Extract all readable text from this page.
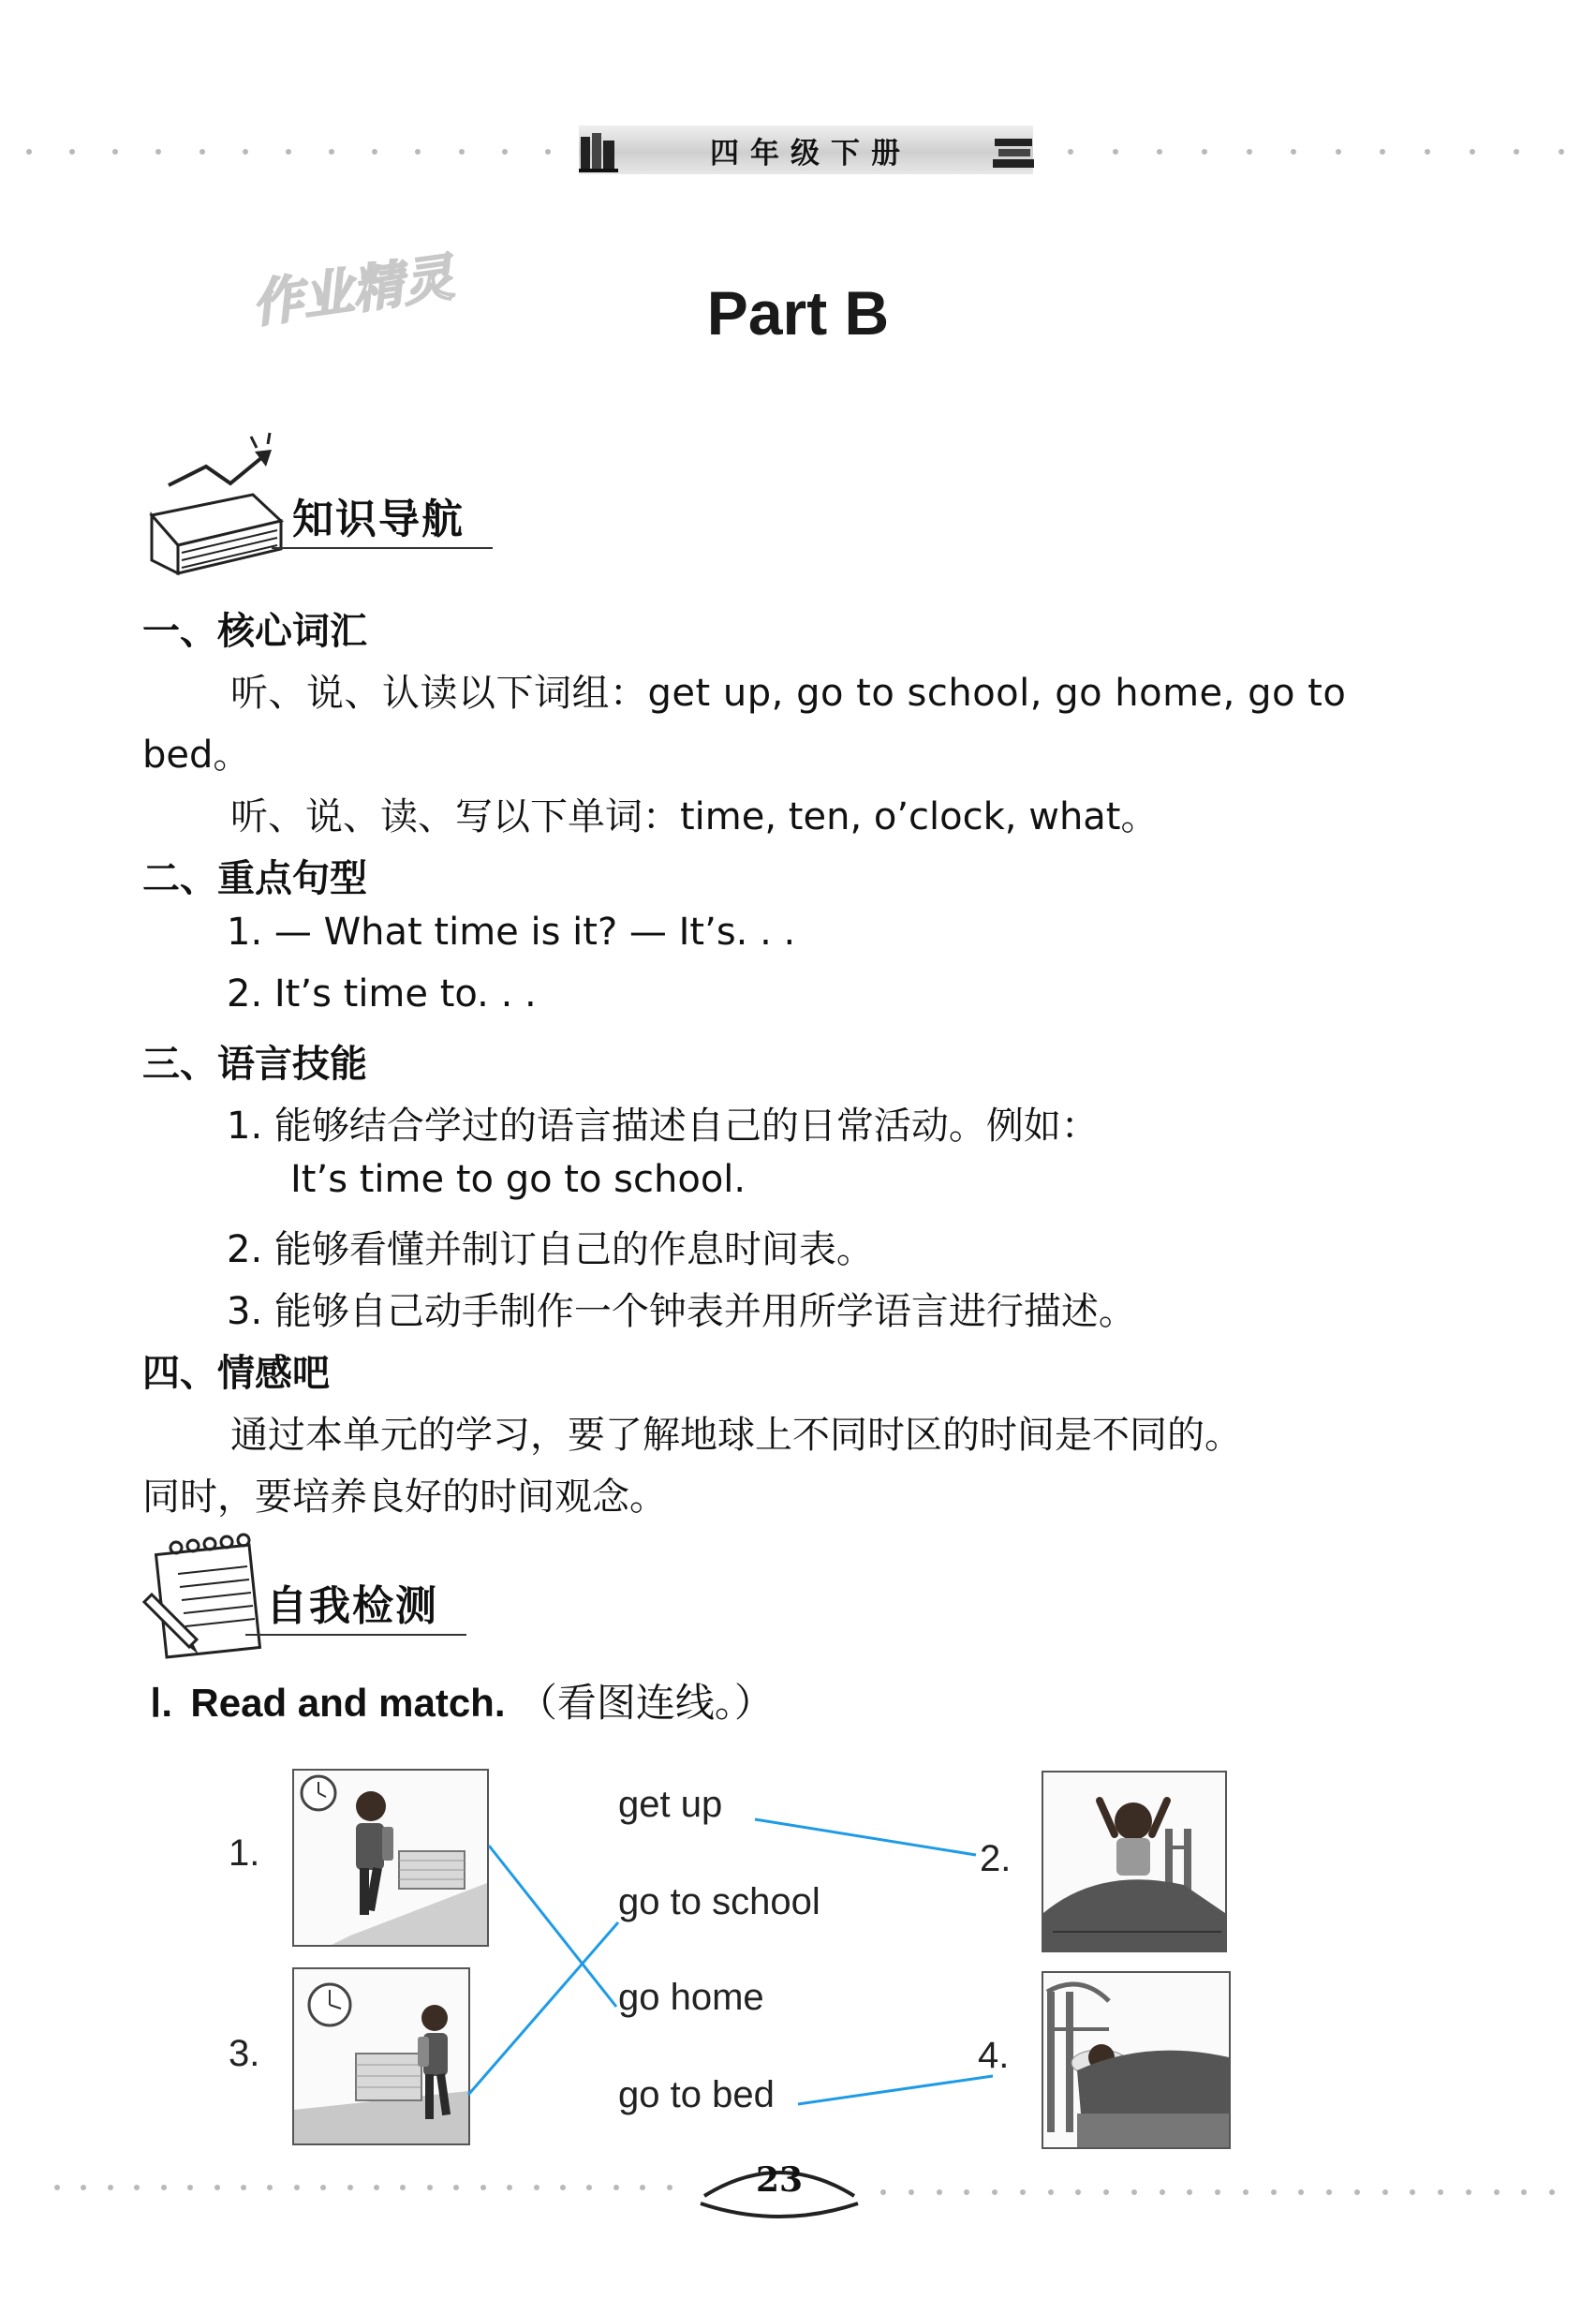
四年级下册
作业精灵	Part B
知识导航
一、核心词汇
听、说、认读以下词组：get up, go to school, go home, go to
bed。
听、说、读、写以下单词：time, ten, o’clock, what。
二、重点句型
1. — What time is it? — It’s. . .
2. It’s time to. . .
三、语言技能
1. 能够结合学过的语言描述自己的日常活动。例如：
It’s time to go to school.
2. 能够看懂并制订自己的作息时间表。
3. 能够自己动手制作一个钟表并用所学语言进行描述。
四、情感吧
通过本单元的学习，要了解地球上不同时区的时间是不同的。
同时，要培养良好的时间观念。
自我检测
Ⅰ. Read and match. （看图连线。）
1.	2.
3.	4.
get up
go to school
go home
go to bed
23
